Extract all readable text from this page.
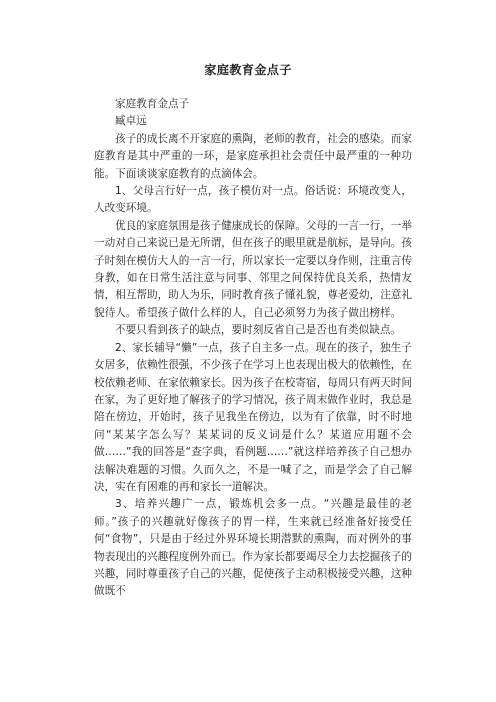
家庭教育金点子

家庭教育金点子

臧卓远

孩子的成长离不开家庭的熏陶，老师的教育，社会的感染。而家庭教育是其中严重的一环，是家庭承担社会责任中最严重的一种功能。下面谈谈家庭教育的点滴体会。

1、父母言行好一点，孩子模仿对一点。俗话说：环境改变人，人改变环境。

优良的家庭氛围是孩子健康成长的保障。父母的一言一行，一举一动对自己来说已是无所谓，但在孩子的眼里就是航标，是导向。孩子时刻在模仿大人的一言一行，所以家长一定要以身作则，注重言传身教，如在日常生活注意与同事、邻里之间保持优良关系，热情友情，相互帮助，助人为乐，同时教育孩子懂礼貌，尊老爱幼，注意礼貌待人。希望孩子做什么样的人，自己必须努力为孩子做出榜样。

不要只看到孩子的缺点，要时刻反省自己是否也有类似缺点。

2、家长辅导“懒”一点，孩子自主多一点。现在的孩子，独生子女居多，依赖性很强，不少孩子在学习上也表现出极大的依赖性，在校依赖老师、在家依赖家长。因为孩子在校寄宿，每周只有两天时间在家，为了更好地了解孩子的学习情况，孩子周末做作业时，我总是陪在傍边，开始时，孩子见我坐在傍边，以为有了依靠，时不时地问“某某字怎么写？某某词的反义词是什么？某道应用题不会做……”我的回答是“查字典，看例题……”就这样培养孩子自己想办法解决难题的习惯。久而久之，不是一喊了之，而是学会了自己解决，实在有困难的再和家长一道解决。

3、培养兴趣广一点，锻炼机会多一点。“兴趣是最佳的老师。”孩子的兴趣就好像孩子的胃一样，生来就已经准备好接受任何“食物”，只是由于经过外界环境长期潜默的熏陶，而对例外的事物表现出的兴趣程度例外而已。作为家长都要竭尽全力去挖掘孩子的兴趣，同时尊重孩子自己的兴趣，促使孩子主动积极接受兴趣，这种做既不
